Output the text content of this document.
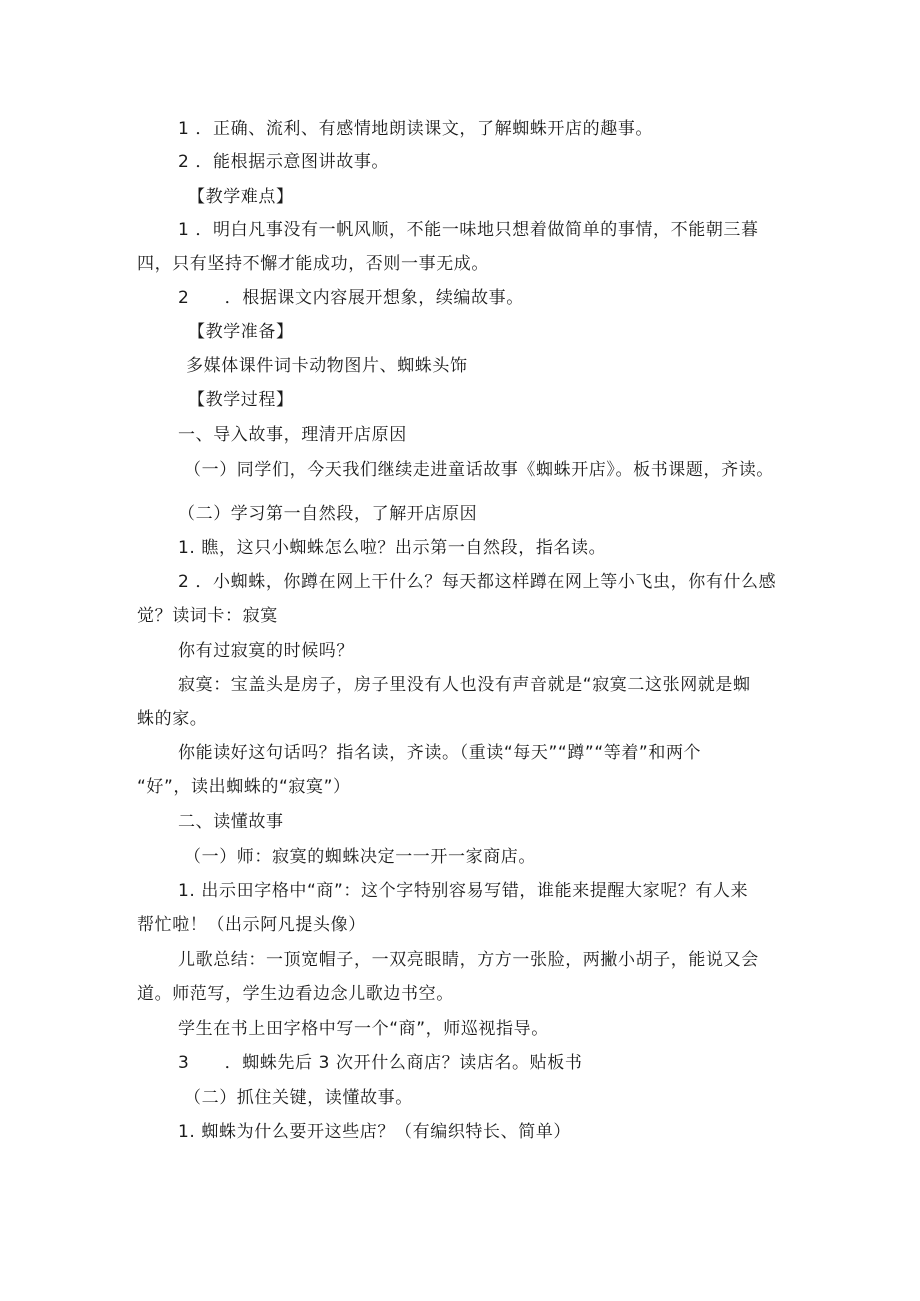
1 ．正确、流利、有感情地朗读课文，了解蜘蛛开店的趣事。
2 ．能根据示意图讲故事。
【教学难点】
1 ．明白凡事没有一帆风顺，不能一味地只想着做简单的事情，不能朝三暮
四，只有坚持不懈才能成功，否则一事无成。
2　　．根据课文内容展开想象，续编故事。
【教学准备】
多媒体课件词卡动物图片、蜘蛛头饰
【教学过程】
一、导入故事，理清开店原因
（一）同学们，今天我们继续走进童话故事《蜘蛛开店》。板书课题，齐读。
（二）学习第一自然段，了解开店原因
1. 瞧，这只小蜘蛛怎么啦？出示第一自然段，指名读。
2 ．小蜘蛛，你蹲在网上干什么？每天都这样蹲在网上等小飞虫，你有什么感
觉？读词卡：寂寞
你有过寂寞的时候吗？
寂寞：宝盖头是房子，房子里没有人也没有声音就是“寂寞二这张网就是蜘
蛛的家。
你能读好这句话吗？指名读，齐读。（重读“每天”“蹲”“等着”和两个
“好”，读出蜘蛛的“寂寞”）
二、读懂故事
（一）师：寂寞的蜘蛛决定一一开一家商店。
1. 出示田字格中“商”：这个字特别容易写错，谁能来提醒大家呢？有人来
帮忙啦！（出示阿凡提头像）
儿歌总结：一顶宽帽子，一双亮眼睛，方方一张脸，两撇小胡子，能说又会
道。师范写，学生边看边念儿歌边书空。
学生在书上田字格中写一个“商”，师巡视指导。
3　　．蜘蛛先后 3 次开什么商店？读店名。贴板书
（二）抓住关键，读懂故事。
1. 蜘蛛为什么要开这些店？（有编织特长、简单）
